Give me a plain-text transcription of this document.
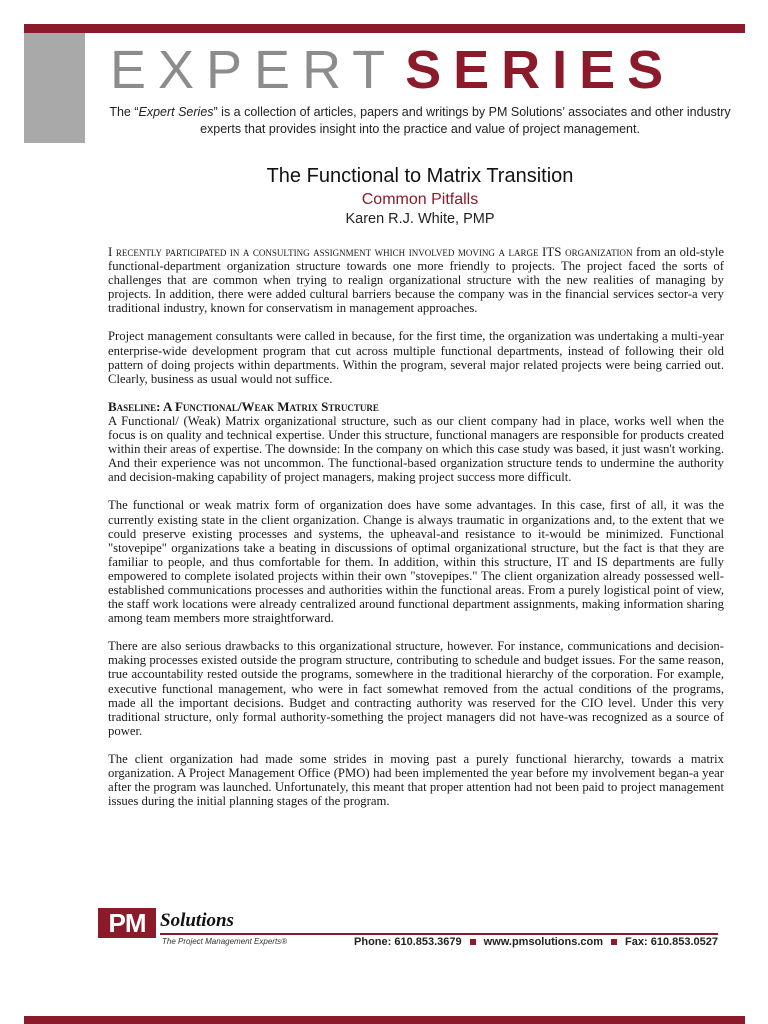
EXPERT SERIES
The “Expert Series” is a collection of articles, papers and writings by PM Solutions’ associates and other industry experts that provides insight into the practice and value of project management.
The Functional to Matrix Transition
Common Pitfalls
Karen R.J. White, PMP

I recently participated in a consulting assignment which involved moving a large ITS organization from an old-style functional-department organization structure towards one more friendly to projects. The project faced the sorts of challenges that are common when trying to realign organizational structure with the new realities of managing by projects. In addition, there were added cultural barriers because the company was in the financial services sector-a very traditional industry, known for conservatism in management approaches.

Project management consultants were called in because, for the first time, the organization was undertaking a multi-year enterprise-wide development program that cut across multiple functional departments, instead of following their old pattern of doing projects within departments. Within the program, several major related projects were being carried out. Clearly, business as usual would not suffice.

Baseline: A Functional/Weak Matrix Structure
A Functional/ (Weak) Matrix organizational structure, such as our client company had in place, works well when the focus is on quality and technical expertise. Under this structure, functional managers are responsible for products created within their areas of expertise. The downside: In the company on which this case study was based, it just wasn't working. And their experience was not uncommon. The functional-based organization structure tends to undermine the authority and decision-making capability of project managers, making project success more difficult.

The functional or weak matrix form of organization does have some advantages. In this case, first of all, it was the currently existing state in the client organization. Change is always traumatic in organizations and, to the extent that we could preserve existing processes and systems, the upheaval-and resistance to it-would be minimized. Functional "stovepipe" organizations take a beating in discussions of optimal organizational structure, but the fact is that they are familiar to people, and thus comfortable for them. In addition, within this structure, IT and IS departments are fully empowered to complete isolated projects within their own "stovepipes." The client organization already possessed well-established communications processes and authorities within the functional areas. From a purely logistical point of view, the staff work locations were already centralized around functional department assignments, making information sharing among team members more straightforward.

There are also serious drawbacks to this organizational structure, however. For instance, communications and decision-making processes existed outside the program structure, contributing to schedule and budget issues. For the same reason, true accountability rested outside the programs, somewhere in the traditional hierarchy of the corporation. For example, executive functional management, who were in fact somewhat removed from the actual conditions of the programs, made all the important decisions. Budget and contracting authority was reserved for the CIO level. Under this very traditional structure, only formal authority-something the project managers did not have-was recognized as a source of power.

The client organization had made some strides in moving past a purely functional hierarchy, towards a matrix organization. A Project Management Office (PMO) had been implemented the year before my involvement began-a year after the program was launched. Unfortunately, this meant that proper attention had not been paid to project management issues during the initial planning stages of the program.

PM Solutions
The Project Management Experts®	Phone: 610.853.3679 www.pmsolutions.com Fax: 610.853.0527
